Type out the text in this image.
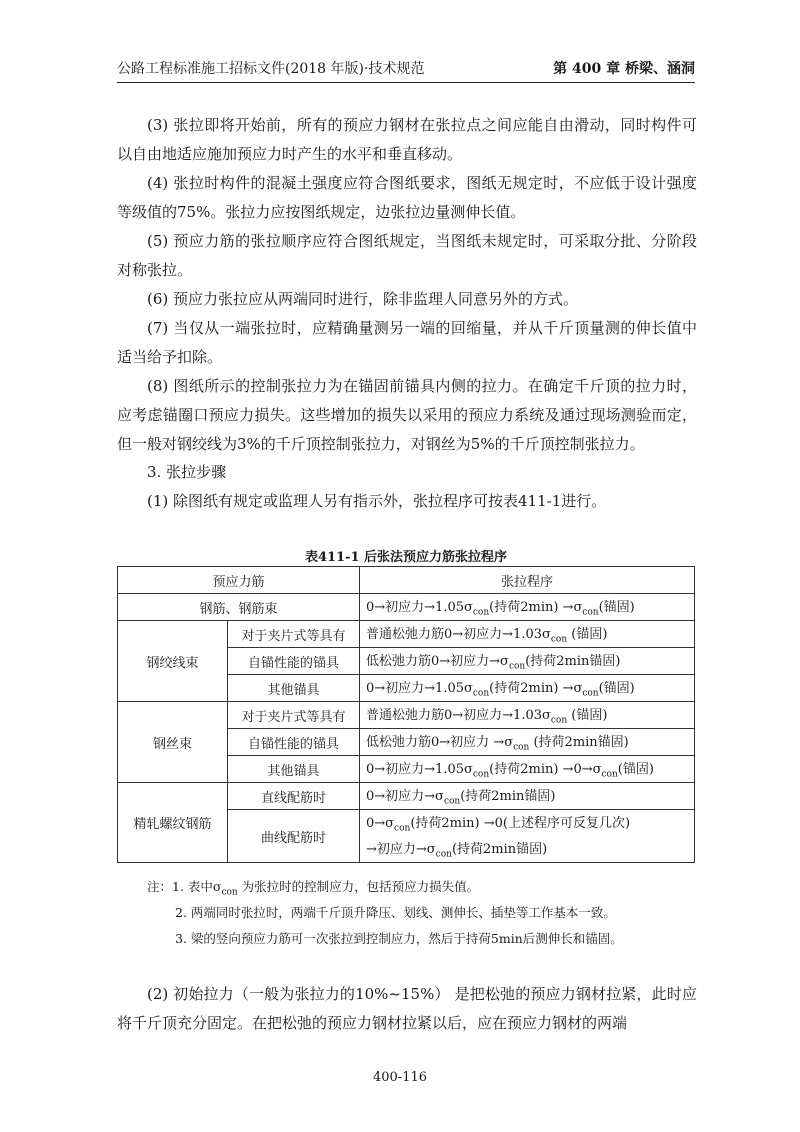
公路工程标准施工招标文件(2018 年版)·技术规范	第 400 章 桥梁、涵洞

(3) 张拉即将开始前，所有的预应力钢材在张拉点之间应能自由滑动，同时构件可以自由地适应施加预应力时产生的水平和垂直移动。

(4) 张拉时构件的混凝土强度应符合图纸要求，图纸无规定时，不应低于设计强度等级值的75%。张拉力应按图纸规定，边张拉边量测伸长值。

(5) 预应力筋的张拉顺序应符合图纸规定，当图纸未规定时，可采取分批、分阶段对称张拉。

(6) 预应力张拉应从两端同时进行，除非监理人同意另外的方式。

(7) 当仅从一端张拉时，应精确量测另一端的回缩量，并从千斤顶量测的伸长值中适当给予扣除。

(8) 图纸所示的控制张拉力为在锚固前锚具内侧的拉力。在确定千斤顶的拉力时，应考虑锚圈口预应力损失。这些增加的损失以采用的预应力系统及通过现场测验而定，但一般对钢绞线为3%的千斤顶控制张拉力，对钢丝为5%的千斤顶控制张拉力。

3. 张拉步骤

(1) 除图纸有规定或监理人另有指示外，张拉程序可按表411-1进行。

表411-1 后张法预应力筋张拉程序
预应力筋		张拉程序
钢筋、钢筋束		0→初应力$\to 1.05\sigma_{con}$(持荷$2\min) \to\sigma_{con}$(锚固)
钢绞线束	对于夹片式等具有	普通松弛力筋0→初应力$\to 1.03\sigma_{con}$ (锚固)
	自锚性能的锚具	低松弛力筋0→初应力$\to\sigma_{con}$(持荷2min锚固)
	其他锚具	0→初应力$\to 1.05\sigma_{con}$(持荷$2\min) \to\sigma_{con}$(锚固)
钢丝束	对于夹片式等具有	普通松弛力筋0→初应力$\to 1.03\sigma_{con}$ (锚固)
	自锚性能的锚具	低松弛力筋0→初应力 $\to\sigma_{con}$ (持荷2min锚固)
	其他锚具	0→初应力$\to 1.05\sigma_{con}$(持荷$2\min) \to 0\to\sigma_{con}$(锚固)
精轧螺纹钢筋	直线配筋时	0→初应力$\to\sigma_{con}$(持荷2min锚固)
	曲线配筋时	$0\to\sigma_{con}$(持荷2min) →0(上述程序可反复几次)
		→初应力$\to\sigma_{con}$(持荷2min锚固)
注：1. 表中$\sigma_{con}$ 为张拉时的控制应力，包括预应力损失值。
2. 两端同时张拉时，两端千斤顶升降压、划线、测伸长、插垫等工作基本一致。
3. 梁的竖向预应力筋可一次张拉到控制应力，然后于持荷5min后测伸长和锚固。

(2) 初始拉力（一般为张拉力的10%~15%） 是把松弛的预应力钢材拉紧，此时应将千斤顶充分固定。在把松弛的预应力钢材拉紧以后，应在预应力钢材的两端

400-116
